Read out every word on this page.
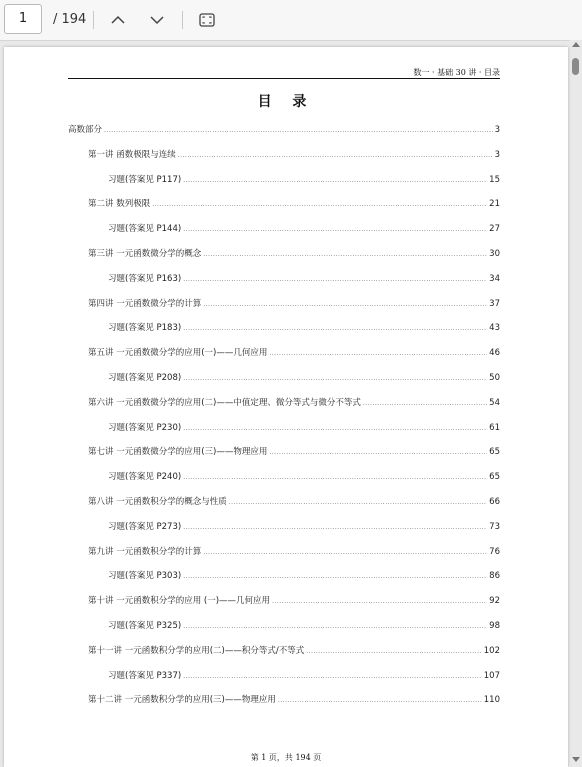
1	/ 194
数一 · 基础 30 讲 · 目录
目 录
高数部分 .....	3
第一讲 函数极限与连续 .....	3
习题(答案见 P117) .....	15
第二讲 数列极限 .....	21
习题(答案见 P144) .....	27
第三讲 一元函数微分学的概念 .....	30
习题(答案见 P163) .....	34
第四讲 一元函数微分学的计算 .....	37
习题(答案见 P183) .....	43
第五讲 一元函数微分学的应用(一)——几何应用 .....	46
习题(答案见 P208) .....	50
第六讲 一元函数微分学的应用(二)——中值定理、微分等式与微分不等式 .....	54
习题(答案见 P230) .....	61
第七讲 一元函数微分学的应用(三)——物理应用 .....	65
习题(答案见 P240) .....	65
第八讲 一元函数积分学的概念与性质 .....	66
习题(答案见 P273) .....	73
第九讲 一元函数积分学的计算 .....	76
习题(答案见 P303) .....	86
第十讲 一元函数积分学的应用 (一)——几何应用 .....	92
习题(答案见 P325) .....	98
第十一讲 一元函数积分学的应用(二)——积分等式/不等式 .....	102
习题(答案见 P337) .....	107
第十二讲 一元函数积分学的应用(三)——物理应用 .....	110
第 1 页，共 194 页
